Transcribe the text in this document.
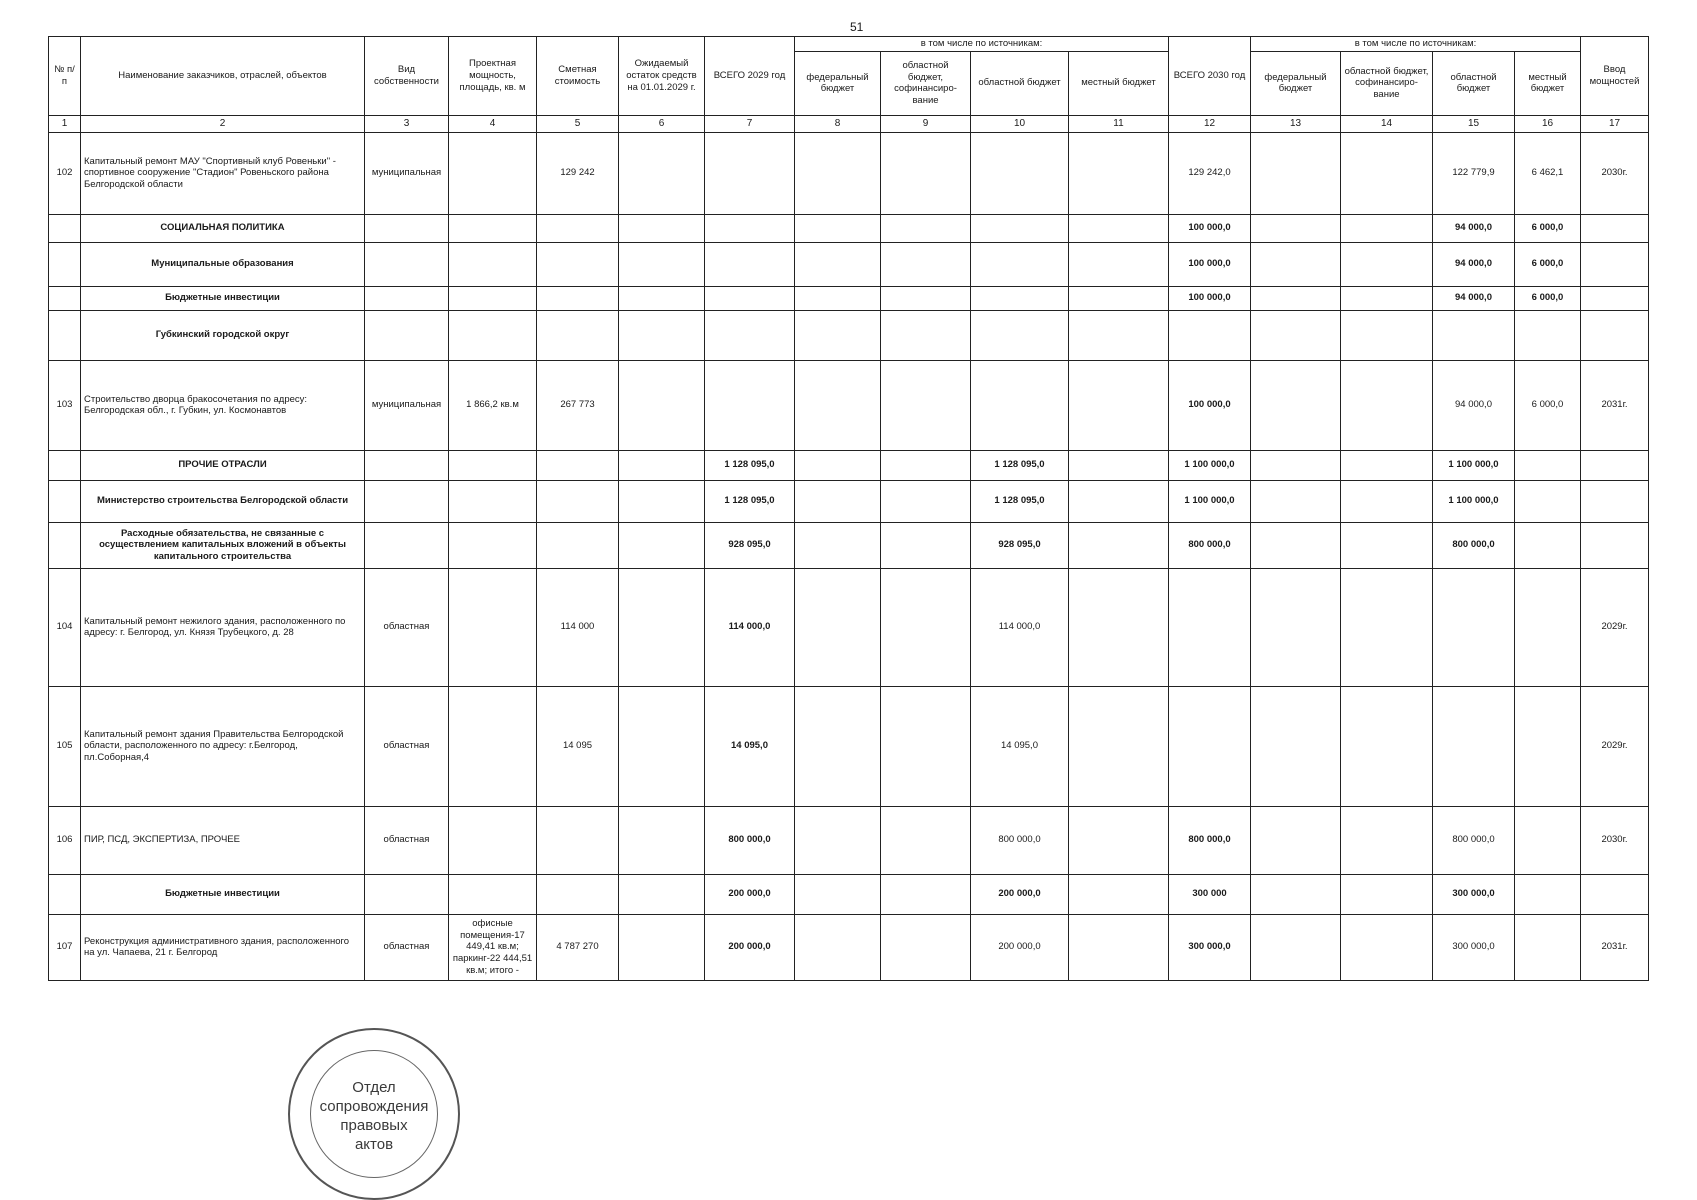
51
№ п/п	Наименование заказчиков, отраслей, объектов	Вид собственности	Проектная мощность, площадь, кв. м	Сметная стоимость	Ожидаемый остаток средств на 01.01.2029 г.	ВСЕГО 2029 год	в том числе по источникам:				ВСЕГО 2030 год	в том числе по источникам:				Ввод мощностей
							федеральный бюджет	областной бюджет, софинансиро-вание	областной бюджет	местный бюджет		федеральный бюджет	областной бюджет, софинансиро-вание	областной бюджет	местный бюджет	
1	2	3	4	5	6	7	8	9	10	11	12	13	14	15	16	17
102	Капитальный ремонт МАУ "Спортивный клуб Ровеньки" - спортивное сооружение "Стадион" Ровеньского района Белгородской области	муниципальная		129 242							129 242,0			122 779,9	6 462,1	2030г.
	СОЦИАЛЬНАЯ ПОЛИТИКА										100 000,0			94 000,0	6 000,0	
	Муниципальные образования										100 000,0			94 000,0	6 000,0	
	Бюджетные инвестиции										100 000,0			94 000,0	6 000,0	
	Губкинский городской округ															
103	Строительство дворца бракосочетания по адресу: Белгородская обл., г. Губкин, ул. Космонавтов	муниципальная	1 866,2 кв.м	267 773							100 000,0			94 000,0	6 000,0	2031г.
	ПРОЧИЕ ОТРАСЛИ					1 128 095,0			1 128 095,0		1 100 000,0			1 100 000,0		
	Министерство строительства Белгородской области					1 128 095,0			1 128 095,0		1 100 000,0			1 100 000,0		
	Расходные обязательства, не связанные с осуществлением капитальных вложений в объекты капитального строительства					928 095,0			928 095,0		800 000,0			800 000,0		
104	Капитальный ремонт нежилого здания, расположенного по адресу: г. Белгород, ул. Князя Трубецкого, д. 28	областная		114 000		114 000,0			114 000,0							2029г.
105	Капитальный ремонт здания Правительства Белгородской области, расположенного по адресу: г.Белгород, пл.Соборная,4	областная		14 095		14 095,0			14 095,0							2029г.
106	ПИР, ПСД, ЭКСПЕРТИЗА, ПРОЧЕЕ	областная				800 000,0			800 000,0		800 000,0			800 000,0		2030г.
	Бюджетные инвестиции					200 000,0			200 000,0		300 000			300 000,0		
107	Реконструкция административного здания, расположенного на ул. Чапаева, 21 г. Белгород	областная	офисные помещения-17 449,41 кв.м; паркинг-22 444,51 кв.м; итого -	4 787 270		200 000,0			200 000,0		300 000,0			300 000,0		2031г.
Отдел
сопровождения
правовых
актов
